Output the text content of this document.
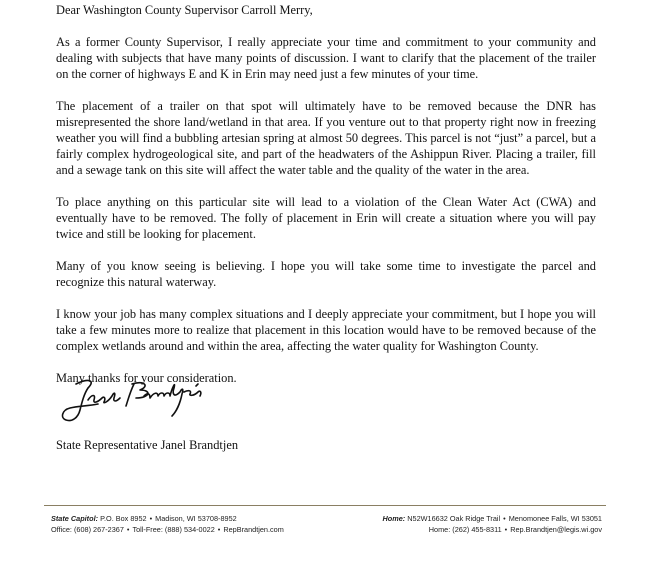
Dear Washington County Supervisor Carroll Merry,

As a former County Supervisor, I really appreciate your time and commitment to your community and dealing with subjects that have many points of discussion. I want to clarify that the placement of the trailer on the corner of highways E and K in Erin may need just a few minutes of your time.

The placement of a trailer on that spot will ultimately have to be removed because the DNR has misrepresented the shore land/wetland in that area. If you venture out to that property right now in freezing weather you will find a bubbling artesian spring at almost 50 degrees. This parcel is not “just” a parcel, but a fairly complex hydrogeological site, and part of the headwaters of the Ashippun River. Placing a trailer, fill and a sewage tank on this site will affect the water table and the quality of the water in the area.

To place anything on this particular site will lead to a violation of the Clean Water Act (CWA) and eventually have to be removed. The folly of placement in Erin will create a situation where you will pay twice and still be looking for placement.

Many of you know seeing is believing. I hope you will take some time to investigate the parcel and recognize this natural waterway.

I know your job has many complex situations and I deeply appreciate your commitment, but I hope you will take a few minutes more to realize that placement in this location would have to be removed because of the complex wetlands around and within the area, affecting the water quality for Washington County.

Many thanks for your consideration.

State Representative Janel Brandtjen
State Capitol: P.O. Box 8952 • Madison, WI 53708-8952
Office: (608) 267-2367 • Toll-Free: (888) 534-0022 • RepBrandtjen.com
Home: N52W16632 Oak Ridge Trail • Menomonee Falls, WI 53051
Home: (262) 455-8311 • Rep.Brandtjen@legis.wi.gov
